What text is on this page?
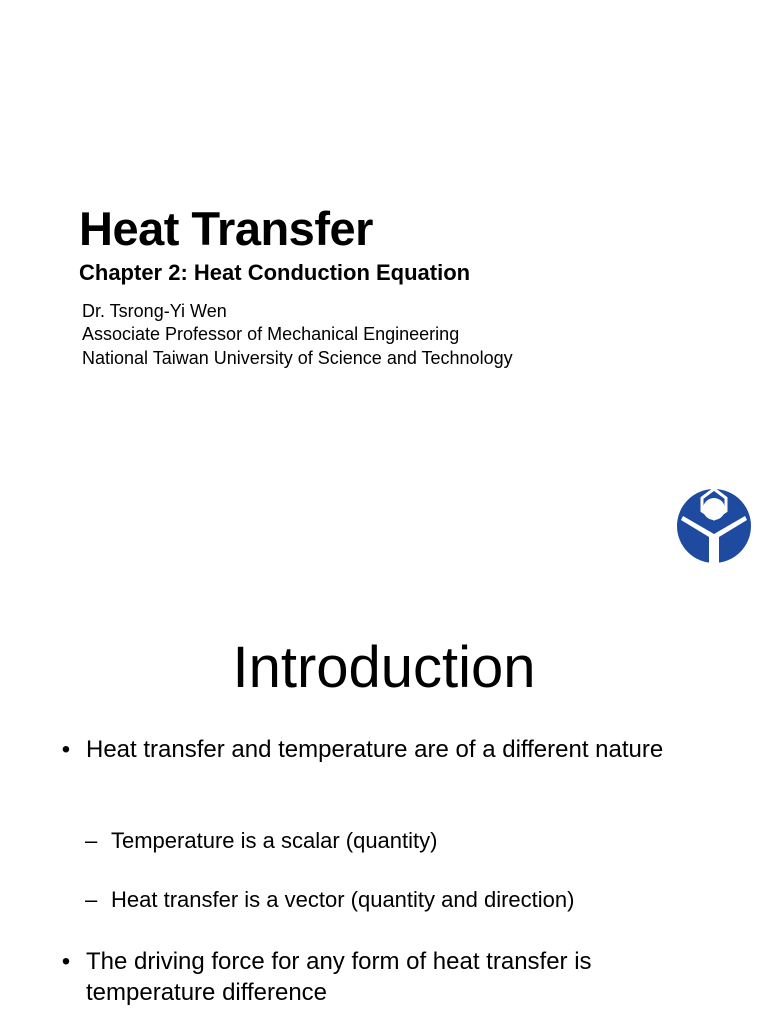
Heat Transfer
Chapter 2: Heat Conduction Equation

Dr. Tsrong-Yi Wen

Associate Professor of Mechanical Engineering

National Taiwan University of Science and Technology

Introduction
• Heat transfer and temperature are of a different nature
– Temperature is a scalar (quantity)
– Heat transfer is a vector (quantity and direction)
• The driving force for any form of heat transfer is temperature difference
